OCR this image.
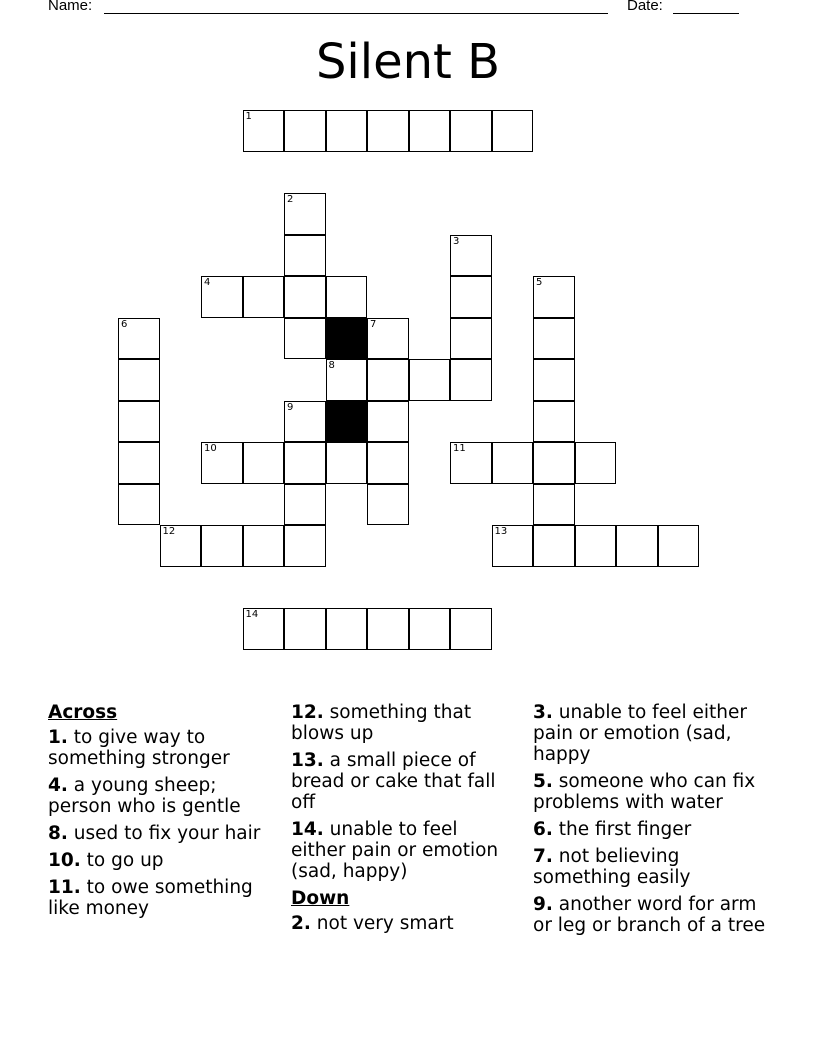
Name:	Date:
Silent B
1
2
3
4	5
6	7
8
9
10	11
12	13
14
Across
1. to give way to something stronger
4. a young sheep; person who is gentle
8. used to fix your hair
10. to go up
11. to owe something like money
12. something that blows up
13. a small piece of bread or cake that fall off
14. unable to feel either pain or emotion (sad, happy)
Down
2. not very smart
3. unable to feel either pain or emotion (sad, happy
5. someone who can fix problems with water
6. the first finger
7. not believing something easily
9. another word for arm or leg or branch of a tree
